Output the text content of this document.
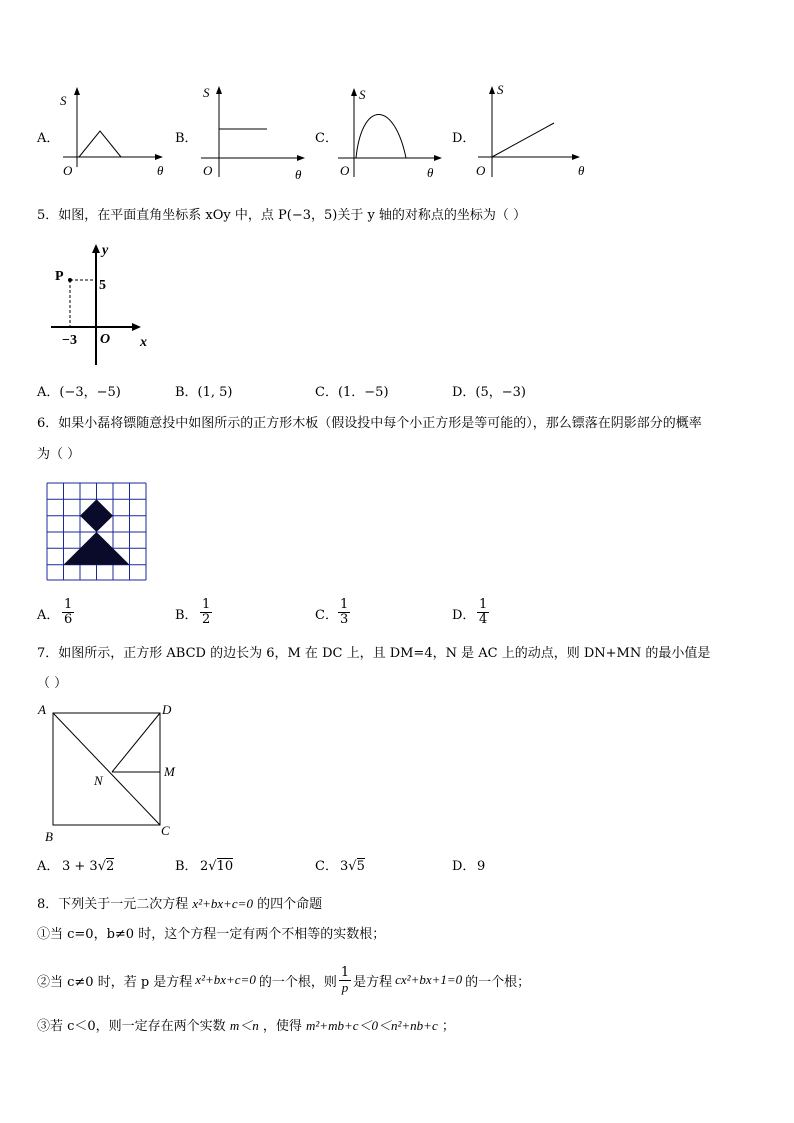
A．
S
O	θ
B．
S
O	θ
C．
S
O	θ
D．
S
O	θ
5．如图，在平面直角坐标系 xOy 中，点 P(−3，5)关于 y 轴的对称点的坐标为（ ）
P
y
x
O
−3
5
A．(−3，−5)	B．(1, 5)	C．(1．−5)	D．(5，−3)
6．如果小磊将镖随意投中如图所示的正方形木板（假设投中每个小正方形是等可能的），那么镖落在阴影部分的概率
为（ ）
A．
1
6	B．
1
2	C．
1
3	D．
1
4
7．如图所示，正方形 ABCD 的边长为 6，M 在 DC 上，且 DM=4，N 是 AC 上的动点，则 DN+MN 的最小值是
（ ）
A	D
B	C
M
N
A． 3 + 3√2	B． 2√10	C． 3√5	D． 9
8．下列关于一元二次方程 x²+bx+c=0 的四个命题
①当 c=0，b≠0 时，这个方程一定有两个不相等的实数根；
②当 c≠0 时，若 p 是方程 x²+bx+c=0 的一个根，则 $\frac{1}{p}$ 是方程 cx²+bx+1=0 的一个根；
③若 c＜0，则一定存在两个实数 m＜n ，使得 m²+mb+c＜0＜n²+nb+c ；
